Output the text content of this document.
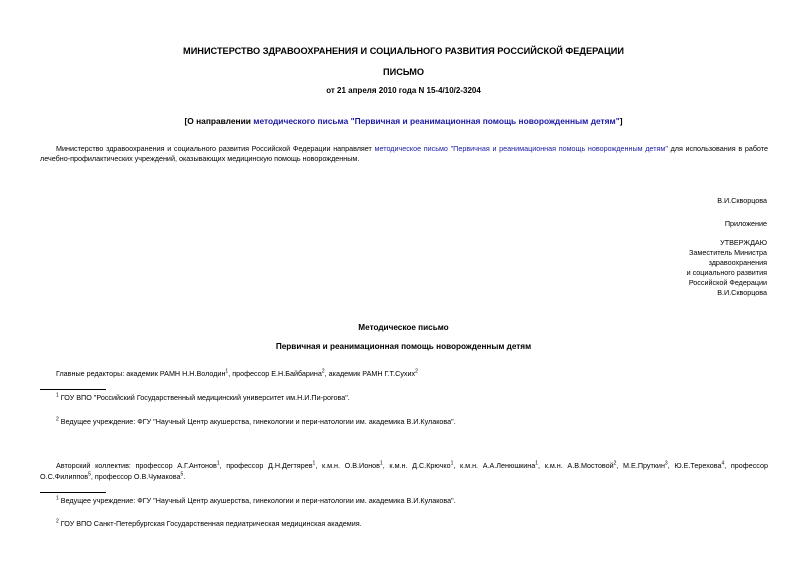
МИНИСТЕРСТВО ЗДРАВООХРАНЕНИЯ И СОЦИАЛЬНОГО РАЗВИТИЯ РОССИЙСКОЙ ФЕДЕРАЦИИ
ПИСЬМО
от 21 апреля 2010 года N 15-4/10/2-3204
[О направлении методического письма "Первичная и реанимационная помощь новорожденным детям"]
Министерство здравоохранения и социального развития Российской Федерации направляет методическое письмо "Первичная и реанимационная помощь новорожденным детям" для использования в работе лечебно-профилактических учреждений, оказывающих медицинскую помощь новорожденным.
В.И.Скворцова
Приложение
УТВЕРЖДАЮ
Заместитель Министра
здравоохранения
и социального развития
Российской Федерации
В.И.Скворцова
Методическое письмо
Первичная и реанимационная помощь новорожденным детям
Главные редакторы: академик РАМН Н.Н.Володин$^1$, профессор Е.Н.Байбарина$^2$, академик РАМН Г.Т.Сухих$^2$
$^1$ ГОУ ВПО "Российский Государственный медицинский университет им.Н.И.Пи-рогова".
$^2$ Ведущее учреждение: ФГУ "Научный Центр акушерства, гинекологии и пери-натологии им. академика В.И.Кулакова".
Авторский коллектив: профессор А.Г.Антонов$^1$, профессор Д.Н.Дегтярев$^1$, к.м.н. О.В.Ионов$^1$, к.м.н. Д.С.Крючко$^1$, к.м.н. А.А.Ленюшкина$^1$, к.м.н. А.В.Мостовой$^2$, М.Е.Пруткин$^3$, Ю.Е.Терехова$^4$, профессор О.С.Филиппов$^5$, профессор О.В.Чумакова$^5$.
$^1$ Ведущее учреждение: ФГУ "Научный Центр акушерства, гинекологии и пери-натологии им. академика В.И.Кулакова".
$^2$ ГОУ ВПО Санкт-Петербургская Государственная педиатрическая медицинская академия.
